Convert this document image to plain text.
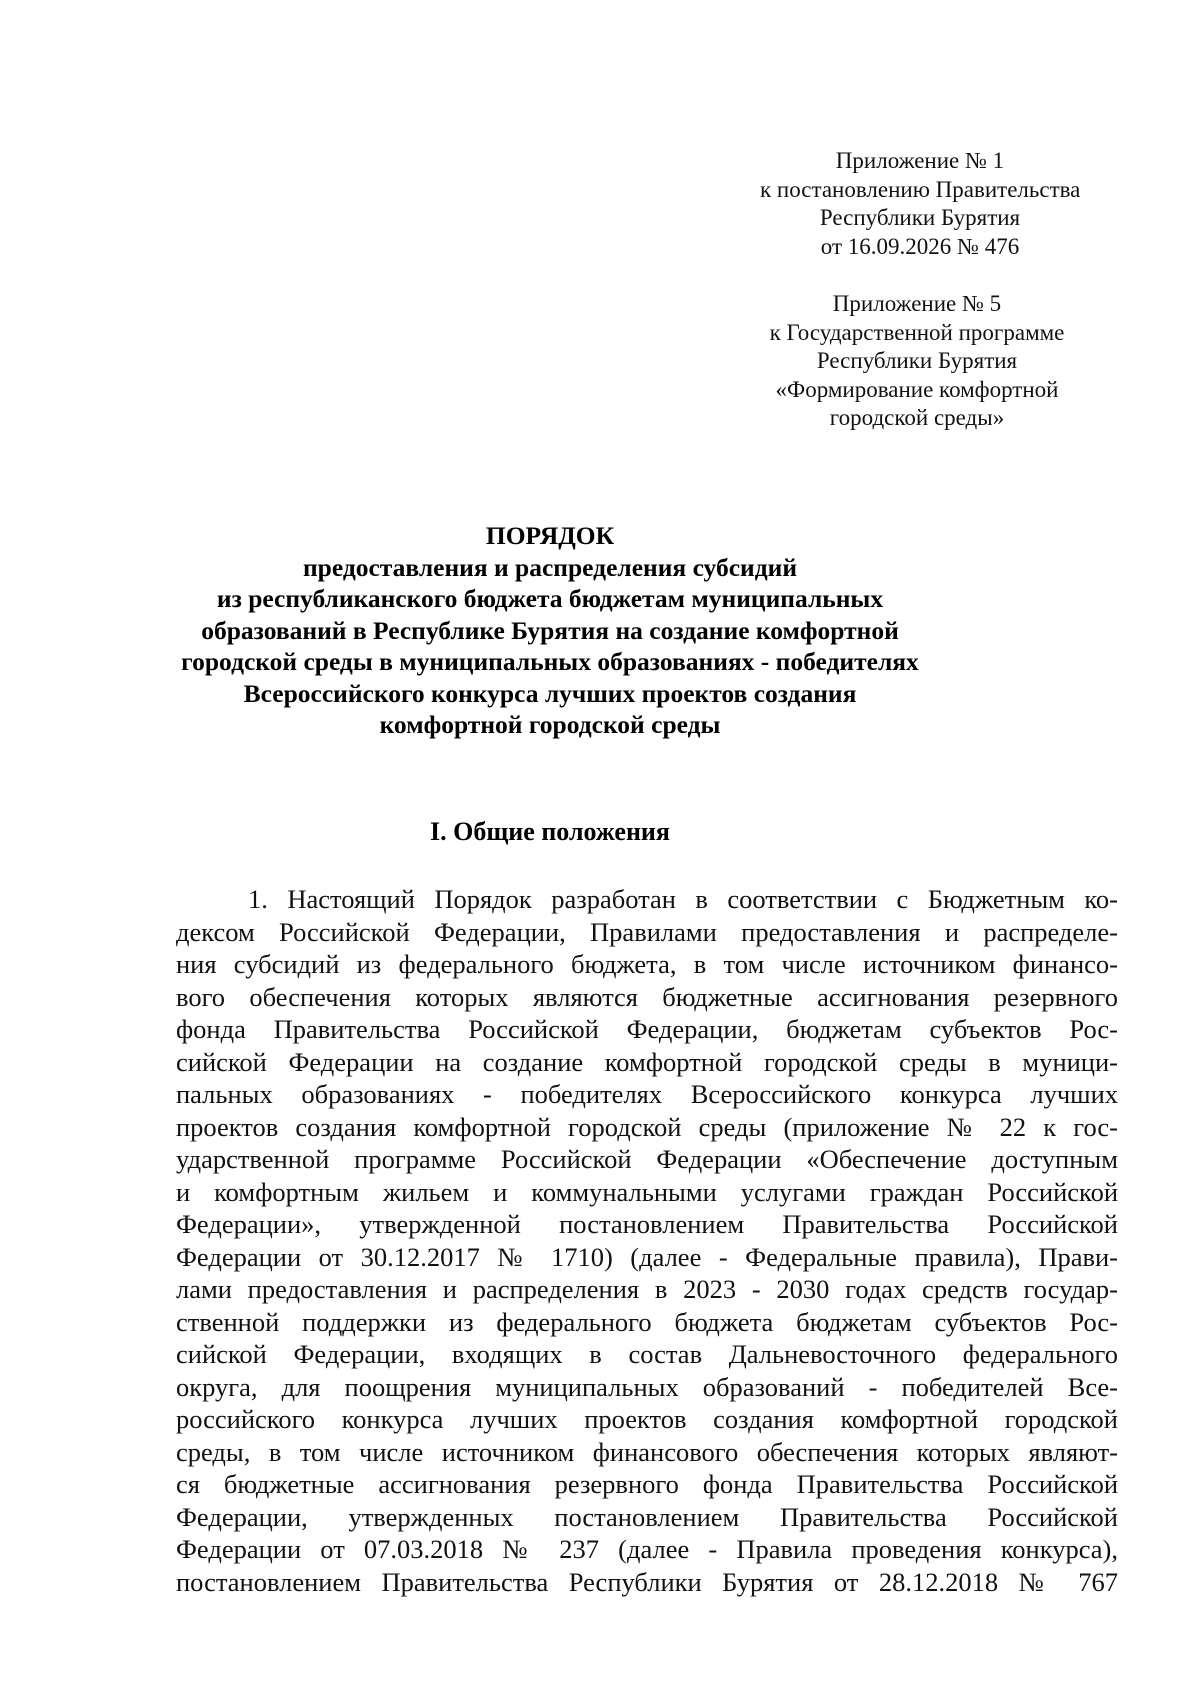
Приложение № 1
к постановлению Правительства
Республики Бурятия
от 16.09.2026 № 476
Приложение № 5
к Государственной программе
Республики Бурятия
«Формирование комфортной
городской среды»
ПОРЯДОК
предоставления и распределения субсидий
из республиканского бюджета бюджетам муниципальных
образований в Республике Бурятия на создание комфортной
городской среды в муниципальных образованиях - победителях
Всероссийского конкурса лучших проектов создания
комфортной городской среды
I. Общие положения
1. Настоящий Порядок разработан в соответствии с Бюджетным ко-
дексом Российской Федерации, Правилами предоставления и распределе-
ния субсидий из федерального бюджета, в том числе источником финансо-
вого обеспечения которых являются бюджетные ассигнования резервного
фонда Правительства Российской Федерации, бюджетам субъектов Рос-
сийской Федерации на создание комфортной городской среды в муници-
пальных образованиях - победителях Всероссийского конкурса лучших
проектов создания комфортной городской среды (приложение № 22 к гос-
ударственной программе Российской Федерации «Обеспечение доступным
и комфортным жильем и коммунальными услугами граждан Российской
Федерации», утвержденной постановлением Правительства Российской
Федерации от 30.12.2017 № 1710) (далее - Федеральные правила), Прави-
лами предоставления и распределения в 2023 - 2030 годах средств государ-
ственной поддержки из федерального бюджета бюджетам субъектов Рос-
сийской Федерации, входящих в состав Дальневосточного федерального
округа, для поощрения муниципальных образований - победителей Все-
российского конкурса лучших проектов создания комфортной городской
среды, в том числе источником финансового обеспечения которых являют-
ся бюджетные ассигнования резервного фонда Правительства Российской
Федерации, утвержденных постановлением Правительства Российской
Федерации от 07.03.2018 № 237 (далее - Правила проведения конкурса),
постановлением Правительства Республики Бурятия от 28.12.2018 № 767
